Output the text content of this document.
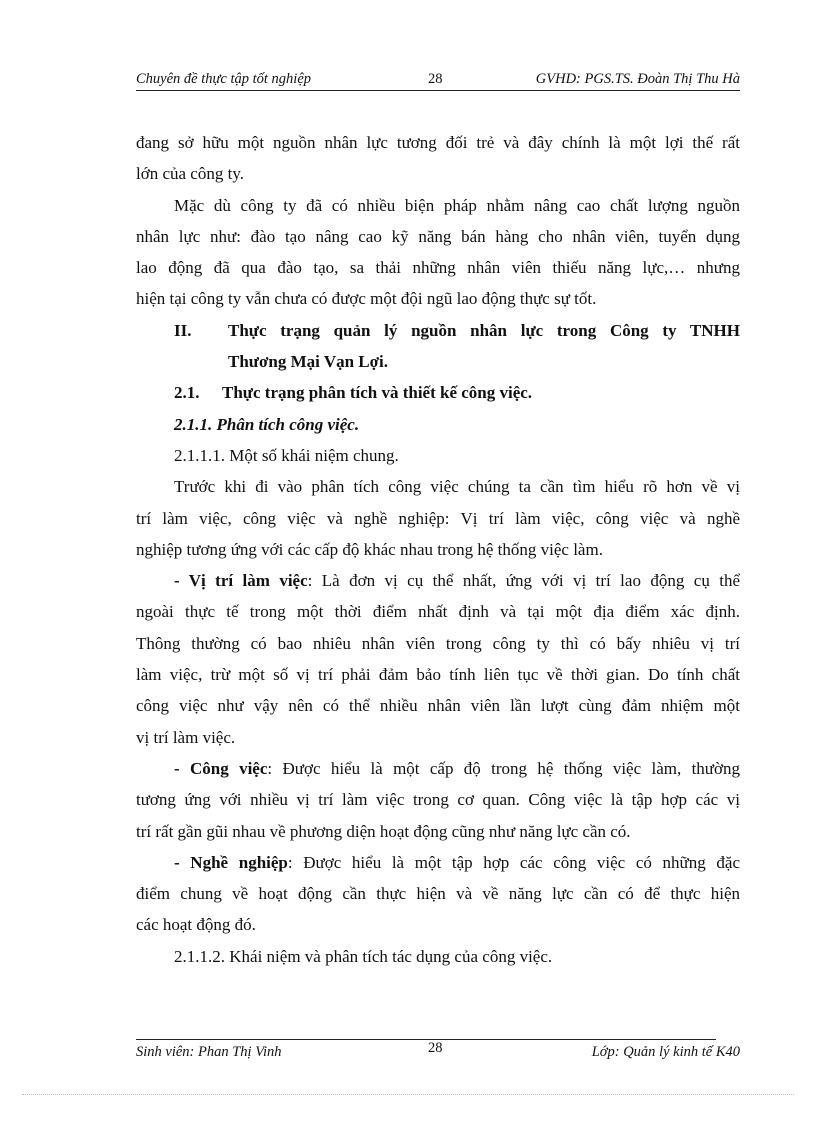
Chuyên đề thực tập tốt nghiệp	28	GVHD: PGS.TS. Đoàn Thị Thu Hà
đang sở hữu một nguồn nhân lực tương đối trẻ và đây chính là một lợi thế rất
lớn của công ty.
Mặc dù công ty đã có nhiều biện pháp nhằm nâng cao chất lượng nguồn
nhân lực như: đào tạo nâng cao kỹ năng bán hàng cho nhân viên, tuyển dụng
lao động đã qua đào tạo, sa thải những nhân viên thiếu năng lực,… nhưng
hiện tại công ty vẫn chưa có được một đội ngũ lao động thực sự tốt.
II. Thực trạng quản lý nguồn nhân lực trong Công ty TNHH
Thương Mại Vạn Lợi.
2.1. Thực trạng phân tích và thiết kế công việc.
2.1.1. Phân tích công việc.
2.1.1.1. Một số khái niệm chung.
Trước khi đi vào phân tích công việc chúng ta cần tìm hiểu rõ hơn về vị
trí làm việc, công việc và nghề nghiệp: Vị trí làm việc, công việc và nghề
nghiệp tương ứng với các cấp độ khác nhau trong hệ thống việc làm.
- Vị trí làm việc: Là đơn vị cụ thể nhất, ứng với vị trí lao động cụ thể
ngoài thực tế trong một thời điểm nhất định và tại một địa điểm xác định.
Thông thường có bao nhiêu nhân viên trong công ty thì có bấy nhiêu vị trí
làm việc, trừ một số vị trí phải đảm bảo tính liên tục về thời gian. Do tính chất
công việc như vậy nên có thể nhiều nhân viên lần lượt cùng đảm nhiệm một
vị trí làm việc.
- Công việc: Được hiểu là một cấp độ trong hệ thống việc làm, thường
tương ứng với nhiều vị trí làm việc trong cơ quan. Công việc là tập hợp các vị
trí rất gần gũi nhau về phương diện hoạt động cũng như năng lực cần có.
- Nghề nghiệp: Được hiểu là một tập hợp các công việc có những đặc
điểm chung về hoạt động cần thực hiện và về năng lực cần có để thực hiện
các hoạt động đó.
2.1.1.2. Khái niệm và phân tích tác dụng của công việc.
Sinh viên: Phan Thị Vinh	28	Lớp: Quản lý kinh tế K40
